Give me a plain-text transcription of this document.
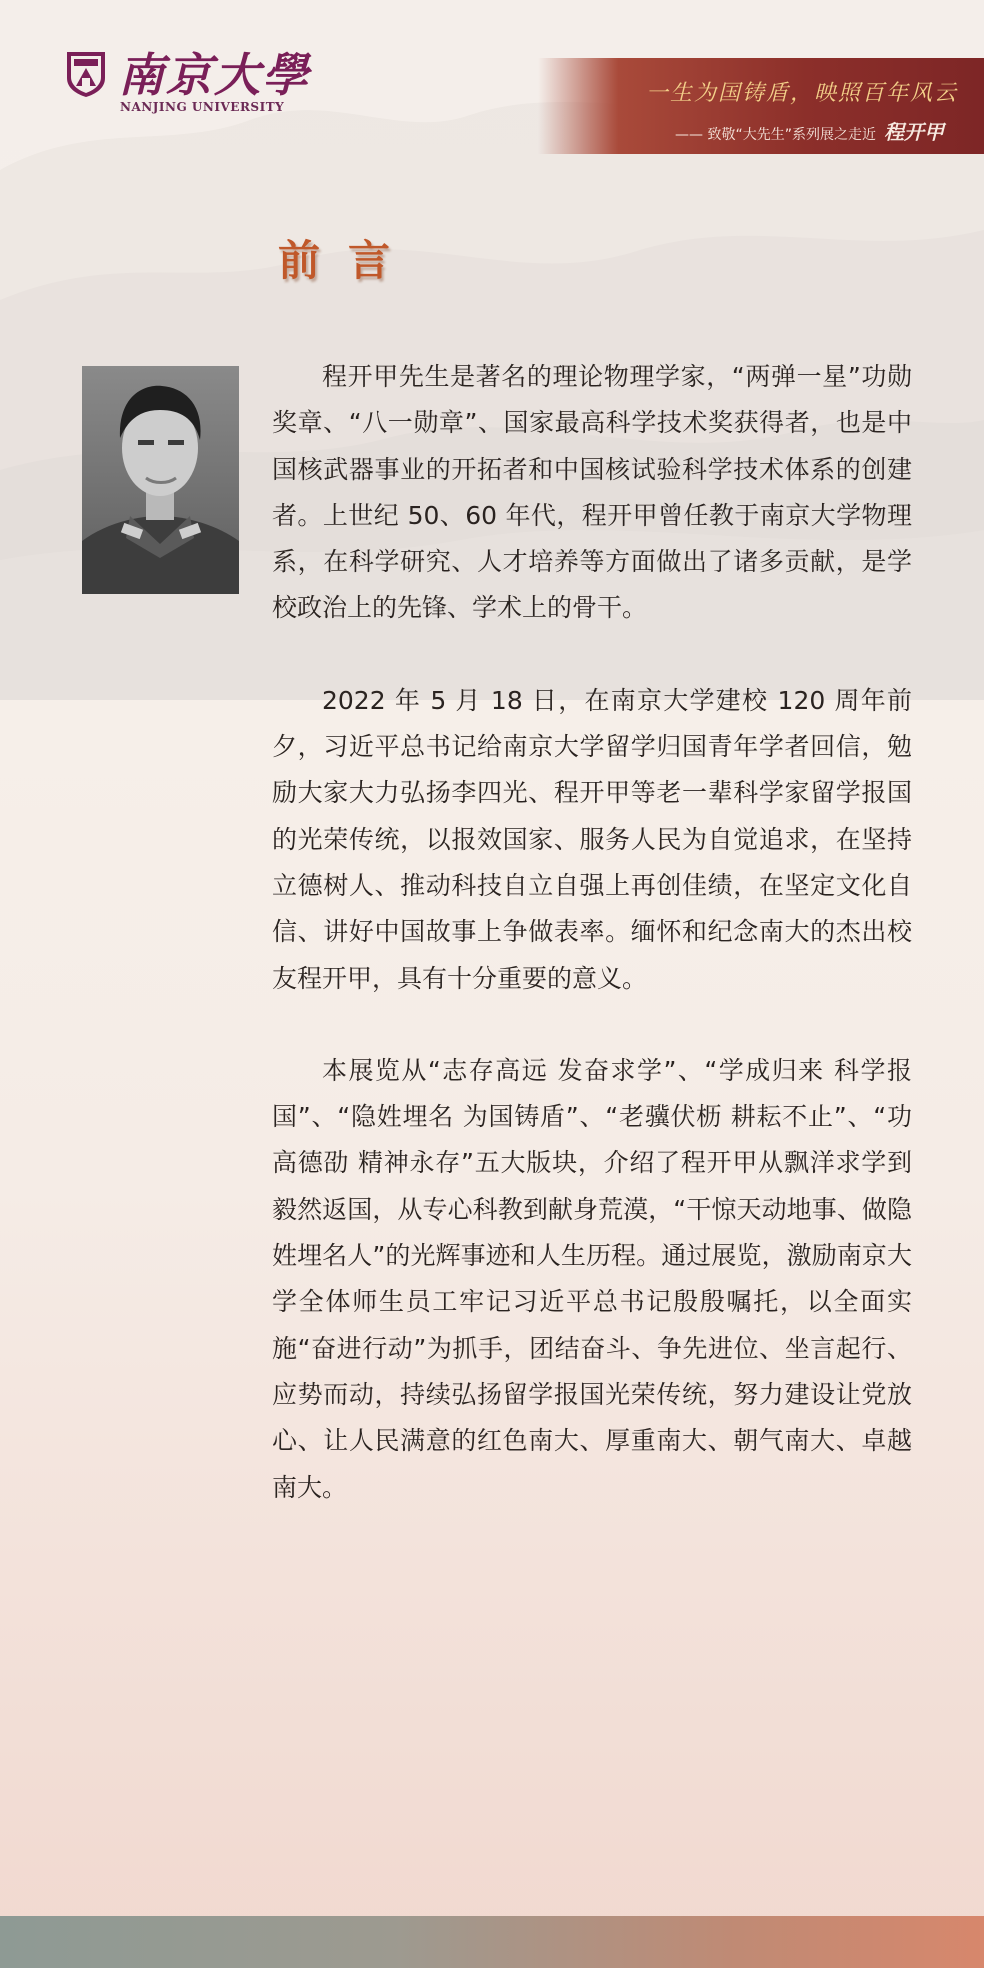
南京大學
NANJING UNIVERSITY
一生为国铸盾，映照百年风云
—— 致敬“大先生”系列展之走近 程开甲
前言

程开甲先生是著名的理论物理学家，“两弹一星”功勋奖章、“八一勋章”、国家最高科学技术奖获得者，也是中国核武器事业的开拓者和中国核试验科学技术体系的创建者。上世纪 50、60 年代，程开甲曾任教于南京大学物理系，在科学研究、人才培养等方面做出了诸多贡献，是学校政治上的先锋、学术上的骨干。

2022 年 5 月 18 日，在南京大学建校 120 周年前夕，习近平总书记给南京大学留学归国青年学者回信，勉励大家大力弘扬李四光、程开甲等老一辈科学家留学报国的光荣传统，以报效国家、服务人民为自觉追求，在坚持立德树人、推动科技自立自强上再创佳绩，在坚定文化自信、讲好中国故事上争做表率。缅怀和纪念南大的杰出校友程开甲，具有十分重要的意义。

本展览从“志存高远 发奋求学”、“学成归来 科学报国”、“隐姓埋名 为国铸盾”、“老骥伏枥 耕耘不止”、“功高德劭 精神永存”五大版块，介绍了程开甲从飘洋求学到毅然返国，从专心科教到献身荒漠，“干惊天动地事、做隐姓埋名人”的光辉事迹和人生历程。通过展览，激励南京大学全体师生员工牢记习近平总书记殷殷嘱托，以全面实施“奋进行动”为抓手，团结奋斗、争先进位、坐言起行、应势而动，持续弘扬留学报国光荣传统，努力建设让党放心、让人民满意的红色南大、厚重南大、朝气南大、卓越南大。
